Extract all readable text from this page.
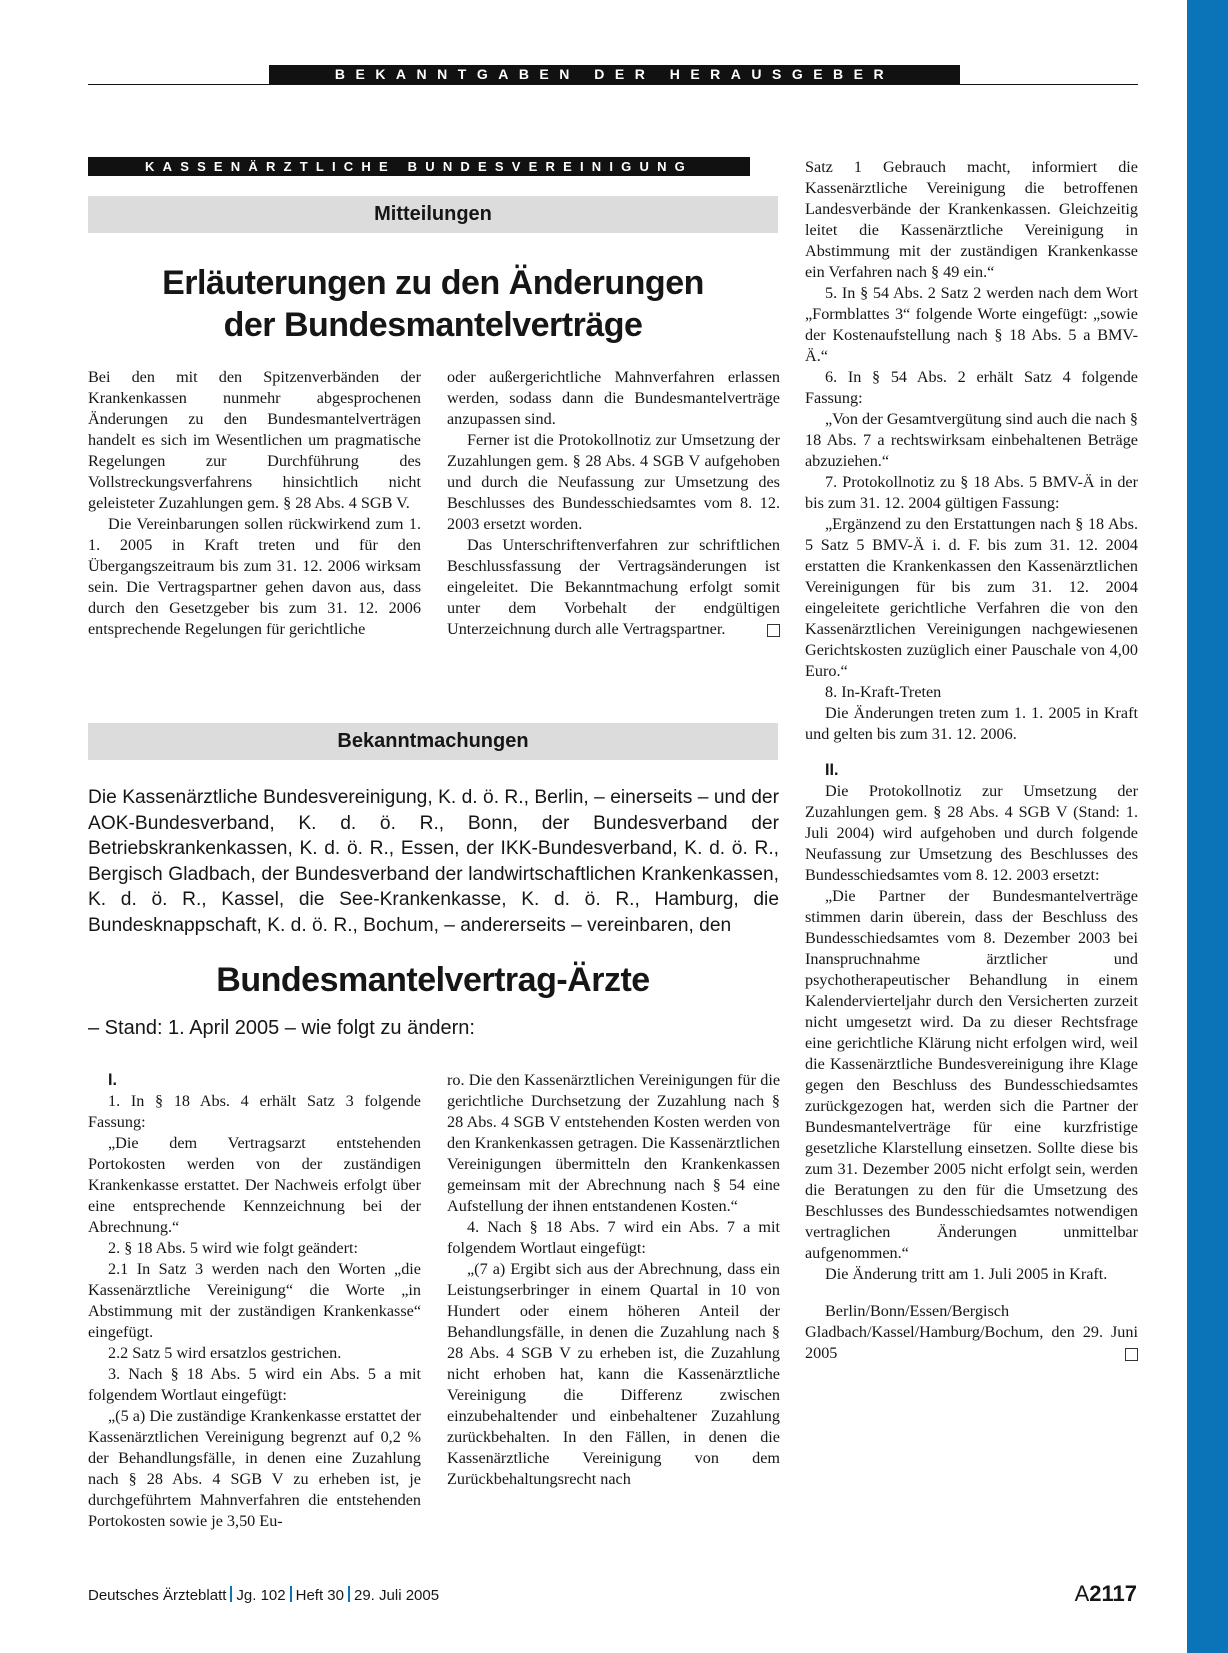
BEKANNTGABEN DER HERAUSGEBER
KASSENÄRZTLICHE BUNDESVEREINIGUNG
Mitteilungen
Erläuterungen zu den Änderungen
der Bundesmantelverträge

Bei den mit den Spitzenverbänden der Krankenkassen nunmehr abgesprochenen Änderungen zu den Bundesmantelverträgen handelt es sich im Wesentlichen um pragmatische Regelungen zur Durchführung des Vollstreckungsverfahrens hinsichtlich nicht geleisteter Zuzahlungen gem. § 28 Abs. 4 SGB V.

Die Vereinbarungen sollen rückwirkend zum 1. 1. 2005 in Kraft treten und für den Übergangszeitraum bis zum 31. 12. 2006 wirksam sein. Die Vertragspartner gehen davon aus, dass durch den Gesetzgeber bis zum 31. 12. 2006 entsprechende Regelungen für gerichtliche

oder außergerichtliche Mahnverfahren erlassen werden, sodass dann die Bundesmantelverträge anzupassen sind.

Ferner ist die Protokollnotiz zur Umsetzung der Zuzahlungen gem. § 28 Abs. 4 SGB V aufgehoben und durch die Neufassung zur Umsetzung des Beschlusses des Bundesschiedsamtes vom 8. 12. 2003 ersetzt worden.

Das Unterschriftenverfahren zur schriftlichen Beschlussfassung der Vertragsänderungen ist eingeleitet. Die Bekanntmachung erfolgt somit unter dem Vorbehalt der endgültigen Unterzeichnung durch alle Vertragspartner.

Bekanntmachungen
Die Kassenärztliche Bundesvereinigung, K. d. ö. R., Berlin, – einerseits – und der AOK-Bundesverband, K. d. ö. R., Bonn, der Bundesverband der Betriebskrankenkassen, K. d. ö. R., Essen, der IKK-Bundesverband, K. d. ö. R., Bergisch Gladbach, der Bundesverband der landwirtschaftlichen Krankenkassen, K. d. ö. R., Kassel, die See-Krankenkasse, K. d. ö. R., Hamburg, die Bundesknappschaft, K. d. ö. R., Bochum, – andererseits – vereinbaren, den
Bundesmantelvertrag-Ärzte
– Stand: 1. April 2005 – wie folgt zu ändern:

I.

1. In § 18 Abs. 4 erhält Satz 3 folgende Fassung:

„Die dem Vertragsarzt entstehenden Portokosten werden von der zuständigen Krankenkasse erstattet. Der Nachweis erfolgt über eine entsprechende Kennzeichnung bei der Abrechnung.“

2. § 18 Abs. 5 wird wie folgt geändert:

2.1 In Satz 3 werden nach den Worten „die Kassenärztliche Vereinigung“ die Worte „in Abstimmung mit der zuständigen Krankenkasse“ eingefügt.

2.2 Satz 5 wird ersatzlos gestrichen.

3. Nach § 18 Abs. 5 wird ein Abs. 5 a mit folgendem Wortlaut eingefügt:

„(5 a) Die zuständige Krankenkasse erstattet der Kassenärztlichen Vereinigung begrenzt auf 0,2 % der Behandlungsfälle, in denen eine Zuzahlung nach § 28 Abs. 4 SGB V zu erheben ist, je durchgeführtem Mahnverfahren die entstehenden Portokosten sowie je 3,50 Eu-

ro. Die den Kassenärztlichen Vereinigungen für die gerichtliche Durchsetzung der Zuzahlung nach § 28 Abs. 4 SGB V entstehenden Kosten werden von den Krankenkassen getragen. Die Kassenärztlichen Vereinigungen übermitteln den Krankenkassen gemeinsam mit der Abrechnung nach § 54 eine Aufstellung der ihnen entstandenen Kosten.“

4. Nach § 18 Abs. 7 wird ein Abs. 7 a mit folgendem Wortlaut eingefügt:

„(7 a) Ergibt sich aus der Abrechnung, dass ein Leistungserbringer in einem Quartal in 10 von Hundert oder einem höheren Anteil der Behandlungsfälle, in denen die Zuzahlung nach § 28 Abs. 4 SGB V zu erheben ist, die Zuzahlung nicht erhoben hat, kann die Kassenärztliche Vereinigung die Differenz zwischen einzubehaltender und einbehaltener Zuzahlung zurückbehalten. In den Fällen, in denen die Kassenärztliche Vereinigung von dem Zurückbehaltungsrecht nach

Satz 1 Gebrauch macht, informiert die Kassenärztliche Vereinigung die betroffenen Landesverbände der Krankenkassen. Gleichzeitig leitet die Kassenärztliche Vereinigung in Abstimmung mit der zuständigen Krankenkasse ein Verfahren nach § 49 ein.“

5. In § 54 Abs. 2 Satz 2 werden nach dem Wort „Formblattes 3“ folgende Worte eingefügt: „sowie der Kostenaufstellung nach § 18 Abs. 5 a BMV-Ä.“

6. In § 54 Abs. 2 erhält Satz 4 folgende Fassung:

„Von der Gesamtvergütung sind auch die nach § 18 Abs. 7 a rechtswirksam einbehaltenen Beträge abzuziehen.“

7. Protokollnotiz zu § 18 Abs. 5 BMV-Ä in der bis zum 31. 12. 2004 gültigen Fassung:

„Ergänzend zu den Erstattungen nach § 18 Abs. 5 Satz 5 BMV-Ä i. d. F. bis zum 31. 12. 2004 erstatten die Krankenkassen den Kassenärztlichen Vereinigungen für bis zum 31. 12. 2004 eingeleitete gerichtliche Verfahren die von den Kassenärztlichen Vereinigungen nachgewiesenen Gerichtskosten zuzüglich einer Pauschale von 4,00 Euro.“

8. In-Kraft-Treten

Die Änderungen treten zum 1. 1. 2005 in Kraft und gelten bis zum 31. 12. 2006.

II.

Die Protokollnotiz zur Umsetzung der Zuzahlungen gem. § 28 Abs. 4 SGB V (Stand: 1. Juli 2004) wird aufgehoben und durch folgende Neufassung zur Umsetzung des Beschlusses des Bundesschiedsamtes vom 8. 12. 2003 ersetzt:

„Die Partner der Bundesmantelverträge stimmen darin überein, dass der Beschluss des Bundesschiedsamtes vom 8. Dezember 2003 bei Inanspruchnahme ärztlicher und psychotherapeutischer Behandlung in einem Kalendervierteljahr durch den Versicherten zurzeit nicht umgesetzt wird. Da zu dieser Rechtsfrage eine gerichtliche Klärung nicht erfolgen wird, weil die Kassenärztliche Bundesvereinigung ihre Klage gegen den Beschluss des Bundesschiedsamtes zurückgezogen hat, werden sich die Partner der Bundesmantelverträge für eine kurzfristige gesetzliche Klarstellung einsetzen. Sollte diese bis zum 31. Dezember 2005 nicht erfolgt sein, werden die Beratungen zu den für die Umsetzung des Beschlusses des Bundesschiedsamtes notwendigen vertraglichen Änderungen unmittelbar aufgenommen.“

Die Änderung tritt am 1. Juli 2005 in Kraft.

Berlin/Bonn/Essen/Bergisch Gladbach/Kassel/Hamburg/Bochum, den 29. Juni 2005

Deutsches Ärzteblatt Jg. 102 Heft 30 29. Juli 2005	A2117
